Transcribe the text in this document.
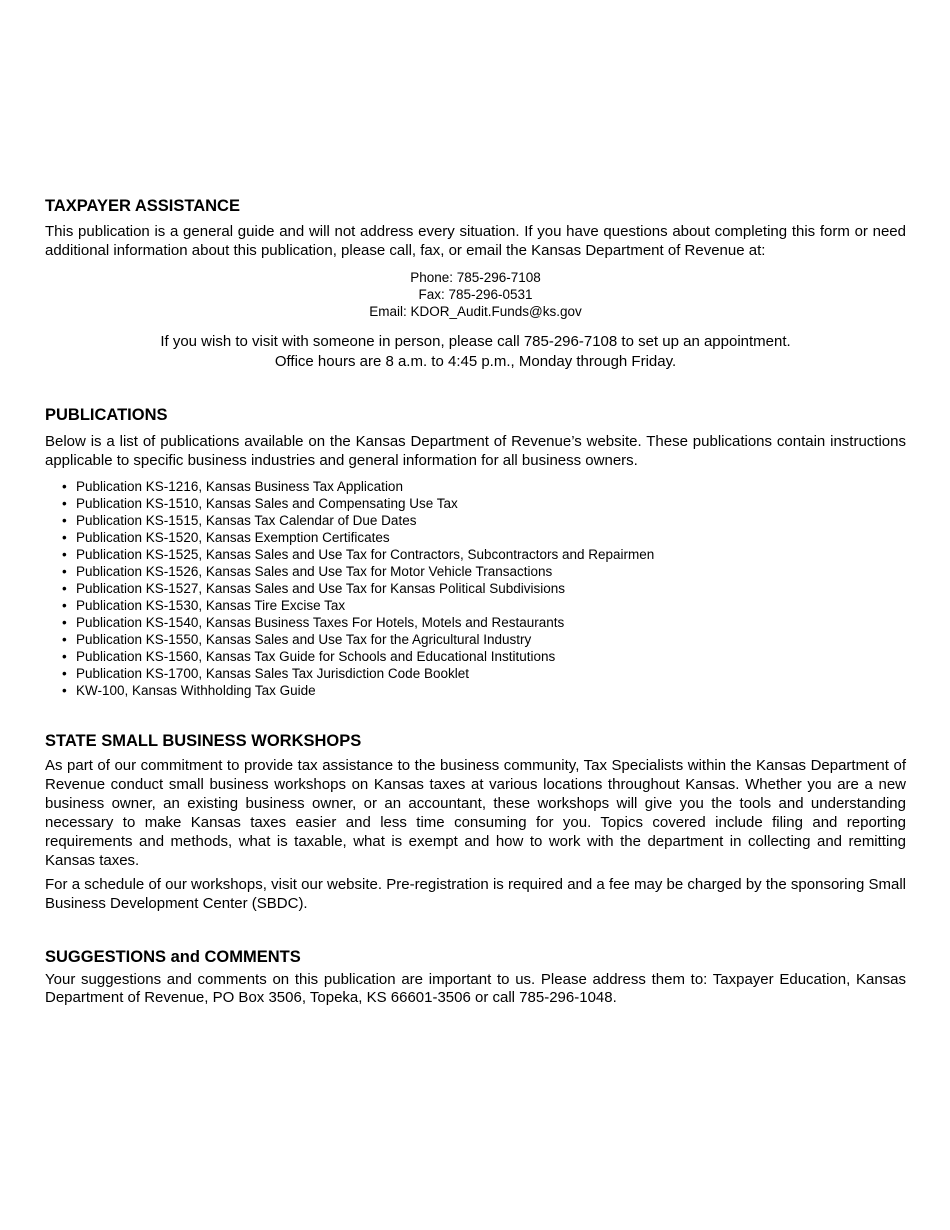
TAXPAYER ASSISTANCE

This publication is a general guide and will not address every situation. If you have questions about completing this form or need additional information about this publication, please call, fax, or email the Kansas Department of Revenue at:

Phone: 785-296-7108
Fax: 785-296-0531
Email: KDOR_Audit.Funds@ks.gov
If you wish to visit with someone in person, please call 785-296-7108 to set up an appointment.
Office hours are 8 a.m. to 4:45 p.m., Monday through Friday.
PUBLICATIONS

Below is a list of publications available on the Kansas Department of Revenue’s website. These publications contain instructions applicable to specific business industries and general information for all business owners.

• Publication KS-1216, Kansas Business Tax Application
• Publication KS-1510, Kansas Sales and Compensating Use Tax
• Publication KS-1515, Kansas Tax Calendar of Due Dates
• Publication KS-1520, Kansas Exemption Certificates
• Publication KS-1525, Kansas Sales and Use Tax for Contractors, Subcontractors and Repairmen
• Publication KS-1526, Kansas Sales and Use Tax for Motor Vehicle Transactions
• Publication KS-1527, Kansas Sales and Use Tax for Kansas Political Subdivisions
• Publication KS-1530, Kansas Tire Excise Tax
• Publication KS-1540, Kansas Business Taxes For Hotels, Motels and Restaurants
• Publication KS-1550, Kansas Sales and Use Tax for the Agricultural Industry
• Publication KS-1560, Kansas Tax Guide for Schools and Educational Institutions
• Publication KS-1700, Kansas Sales Tax Jurisdiction Code Booklet
• KW-100, Kansas Withholding Tax Guide
STATE SMALL BUSINESS WORKSHOPS

As part of our commitment to provide tax assistance to the business community, Tax Specialists within the Kansas Department of Revenue conduct small business workshops on Kansas taxes at various locations throughout Kansas. Whether you are a new business owner, an existing business owner, or an accountant, these workshops will give you the tools and understanding necessary to make Kansas taxes easier and less time consuming for you. Topics covered include filing and reporting requirements and methods, what is taxable, what is exempt and how to work with the department in collecting and remitting Kansas taxes.

For a schedule of our workshops, visit our website. Pre-registration is required and a fee may be charged by the sponsoring Small Business Development Center (SBDC).

SUGGESTIONS and COMMENTS

Your suggestions and comments on this publication are important to us. Please address them to: Taxpayer Education, Kansas Department of Revenue, PO Box 3506, Topeka, KS 66601-3506 or call 785-296-1048.
